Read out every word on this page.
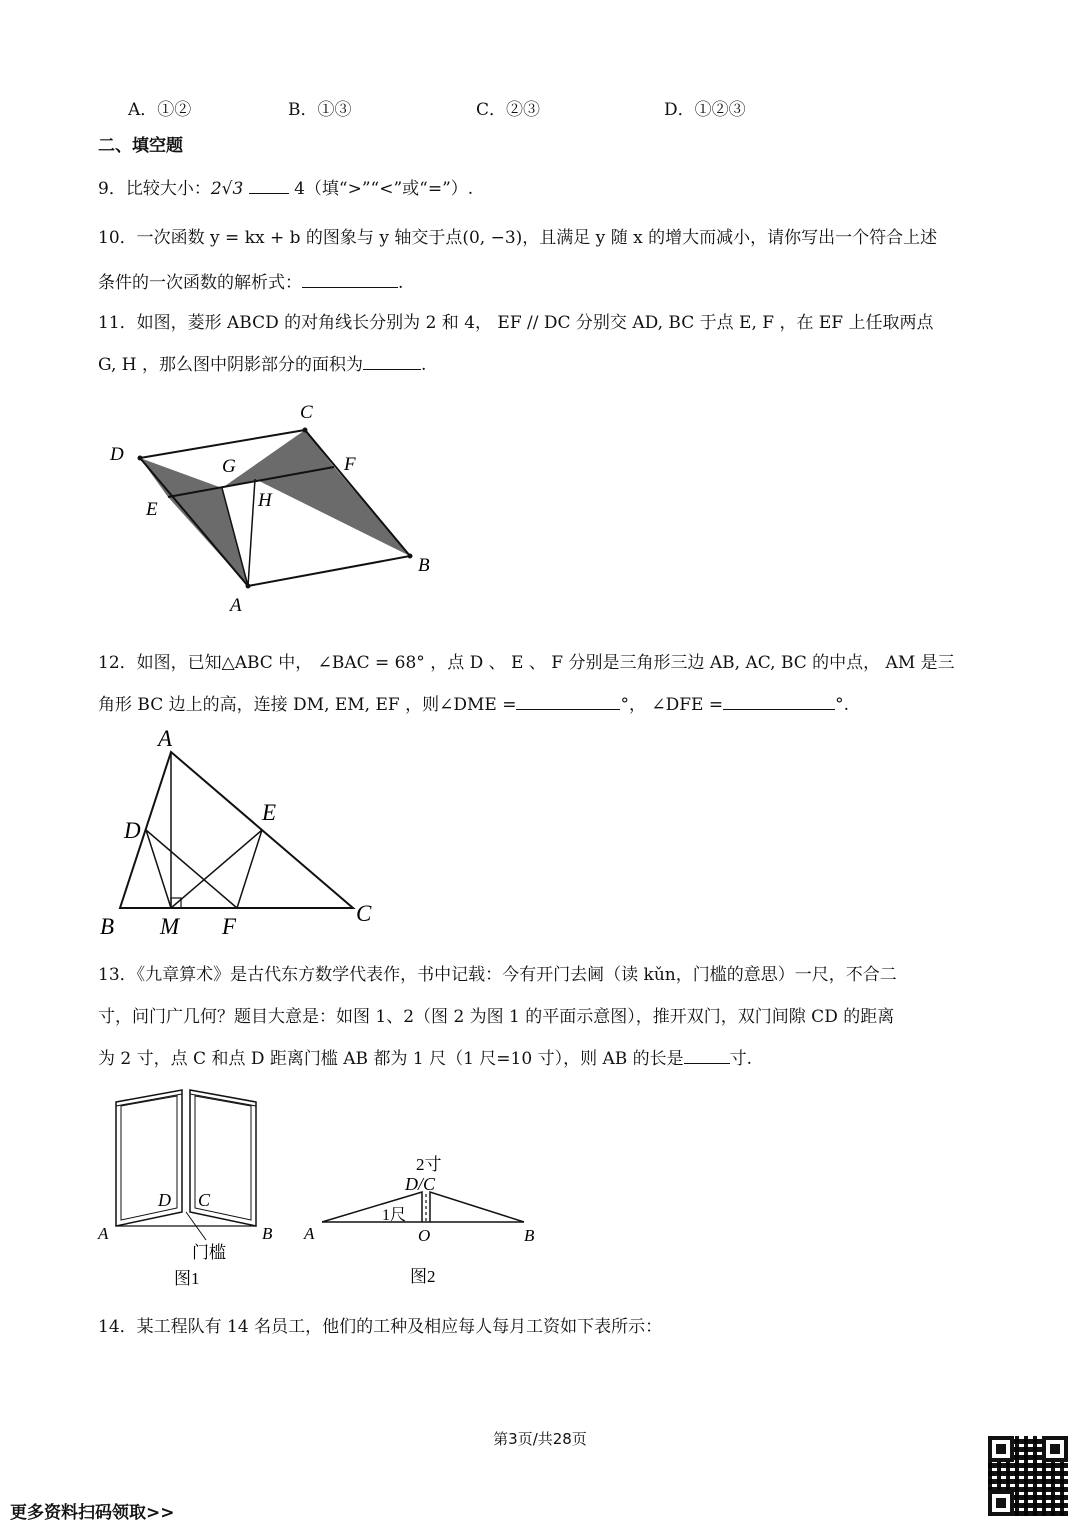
A．①②	B．①③	C．②③	D．①②③
二、填空题
9．比较大小：2√3	4（填“>”“<”或“=”）.
10．一次函数 y = kx + b 的图象与 y 轴交于点(0, −3)，且满足 y 随 x 的增大而减小，请你写出一个符合上述
条件的一次函数的解析式：	.
11．如图，菱形 ABCD 的对角线长分别为 2 和 4， EF // DC 分别交 AD, BC 于点 E, F ，在 EF 上任取两点
G, H ，那么图中阴影部分的面积为	.
D
C
G	F
H
E
B
A
12．如图，已知△ABC 中， ∠BAC = 68° ，点 D 、 E 、 F 分别是三角形三边 AB, AC, BC 的中点， AM 是三
角形 BC 边上的高，连接 DM, EM, EF ，则∠DME =	°， ∠DFE =	°.
A
D
E
B M F
C
13．《九章算术》是古代东方数学代表作，书中记载：今有开门去阃（读 kǔn，门槛的意思）一尺，不合二
寸，问门广几何？题目大意是：如图 1、2（图 2 为图 1 的平面示意图），推开双门，双门间隙 CD 的距离
为 2 寸，点 C 和点 D 距离门槛 AB 都为 1 尺（1 尺=10 寸），则 AB 的长是	寸.
D C
A	B
门槛
图1
2寸
D/C
1尺
A	O	B
图2
14．某工程队有 14 名员工，他们的工种及相应每人每月工资如下表所示：
第3页/共28页
更多资料扫码领取>>
